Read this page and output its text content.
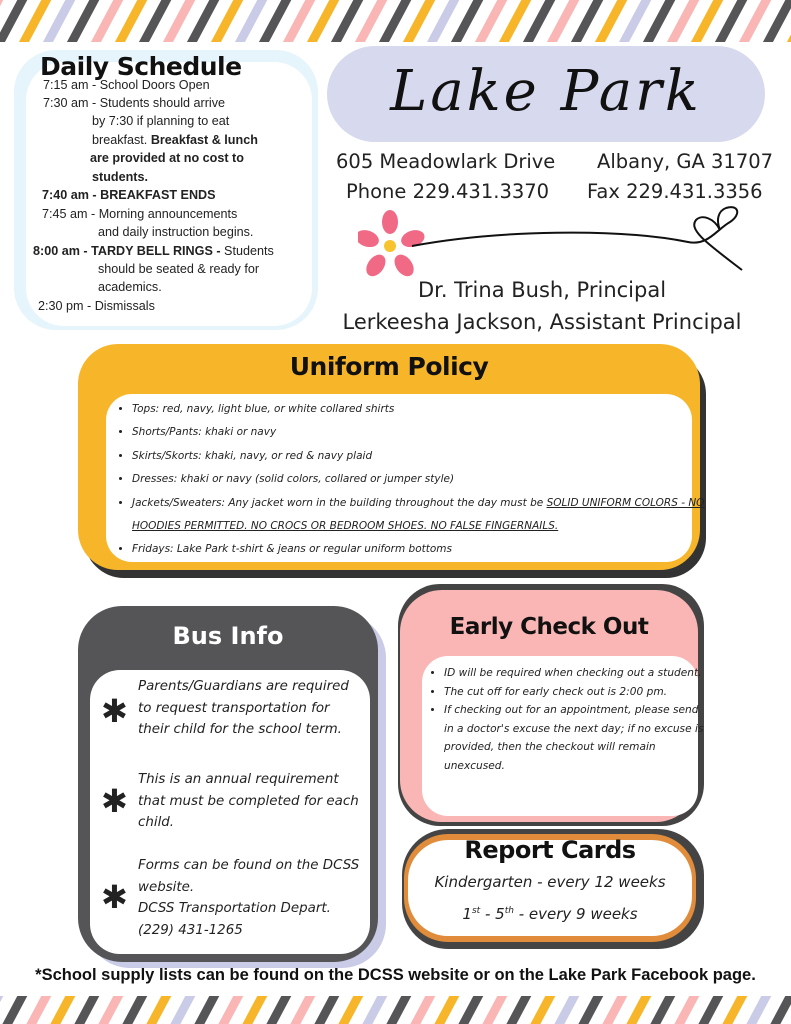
Daily Schedule
7:15 am - School Doors Open
7:30 am - Students should arrive
by 7:30 if planning to eat
breakfast. Breakfast & lunch
are provided at no cost to
students.
7:40 am - BREAKFAST ENDS
7:45 am - Morning announcements
and daily instruction begins.
8:00 am - TARDY BELL RINGS - Students
should be seated & ready for
academics.
2:30 pm - Dismissals
Lake Park
605 Meadowlark Drive Albany, GA 31707
Phone 229.431.3370 Fax 229.431.3356
Dr. Trina Bush, Principal
Lerkeesha Jackson, Assistant Principal
Uniform Policy
• Tops: red, navy, light blue, or white collared shirts
• Shorts/Pants: khaki or navy
• Skirts/Skorts: khaki, navy, or red & navy plaid
• Dresses: khaki or navy (solid colors, collared or jumper style)
• Jackets/Sweaters: Any jacket worn in the building throughout the day must be SOLID UNIFORM COLORS - NO HOODIES PERMITTED. NO CROCS OR BEDROOM SHOES. NO FALSE FINGERNAILS.
• Fridays: Lake Park t-shirt & jeans or regular uniform bottoms
Bus Info
✱
Parents/Guardians are required to request transportation for their child for the school term.
✱
This is an annual requirement that must be completed for each child.
✱
Forms can be found on the DCSS website.
DCSS Transportation Depart.
(229) 431-1265
Early Check Out
• ID will be required when checking out a student.
• The cut off for early check out is 2:00 pm.
• If checking out for an appointment, please send in a doctor's excuse the next day; if no excuse is provided, then the checkout will remain unexcused.
Report Cards
Kindergarten - every 12 weeks
1st - 5th - every 9 weeks
*School supply lists can be found on the DCSS website or on the Lake Park Facebook page.
